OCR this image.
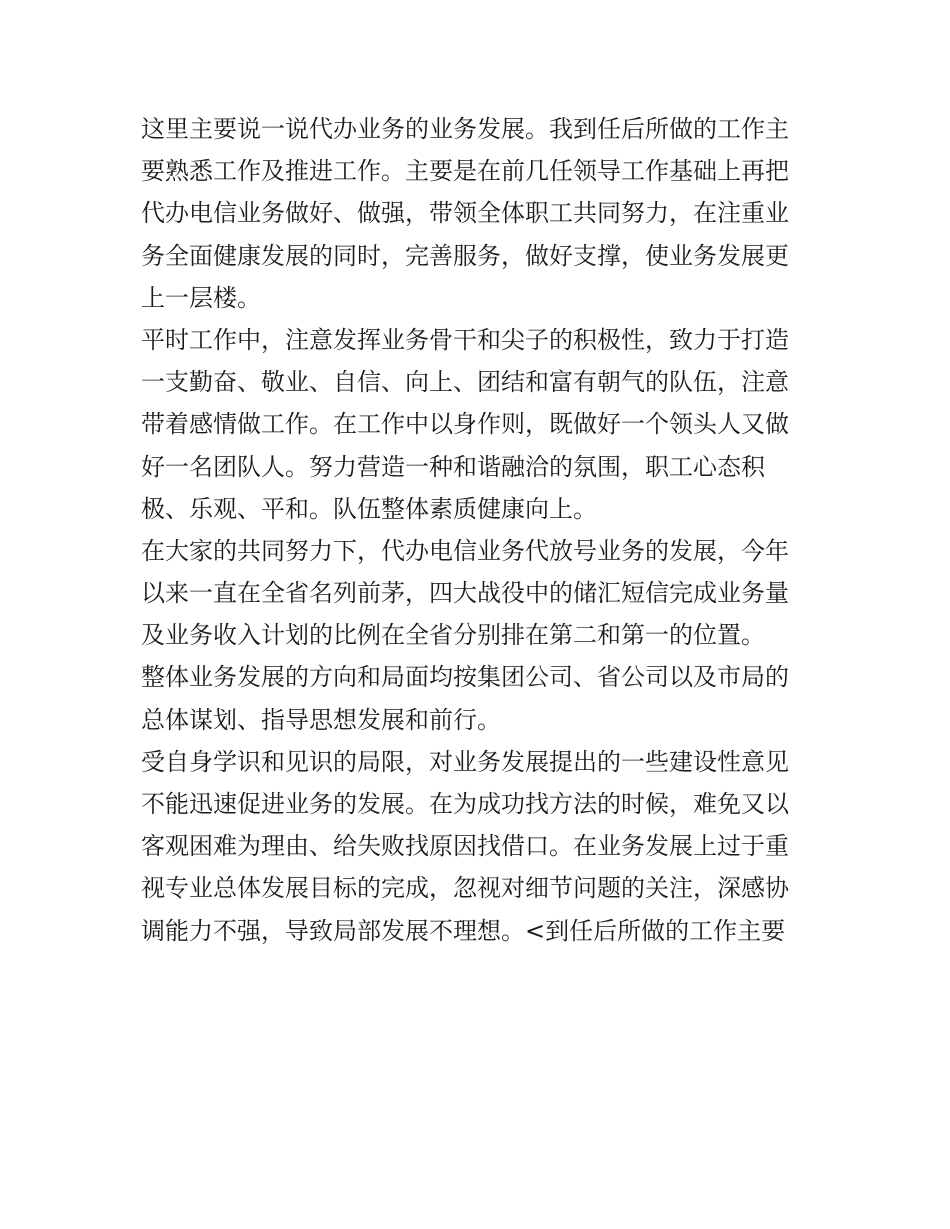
这里主要说一说代办业务的业务发展。我到任后所做的工作主
要熟悉工作及推进工作。主要是在前几任领导工作基础上再把
代办电信业务做好、做强，带领全体职工共同努力，在注重业
务全面健康发展的同时，完善服务，做好支撑，使业务发展更
上一层楼。
平时工作中，注意发挥业务骨干和尖子的积极性，致力于打造
一支勤奋、敬业、自信、向上、团结和富有朝气的队伍，注意
带着感情做工作。在工作中以身作则，既做好一个领头人又做
好一名团队人。努力营造一种和谐融洽的氛围，职工心态积
极、乐观、平和。队伍整体素质健康向上。
在大家的共同努力下，代办电信业务代放号业务的发展，今年
以来一直在全省名列前茅，四大战役中的储汇短信完成业务量
及业务收入计划的比例在全省分别排在第二和第一的位置。
整体业务发展的方向和局面均按集团公司、省公司以及市局的
总体谋划、指导思想发展和前行。
受自身学识和见识的局限，对业务发展提出的一些建设性意见
不能迅速促进业务的发展。在为成功找方法的时候，难免又以
客观困难为理由、给失败找原因找借口。在业务发展上过于重
视专业总体发展目标的完成，忽视对细节问题的关注，深感协
调能力不强，导致局部发展不理想。<到任后所做的工作主要
